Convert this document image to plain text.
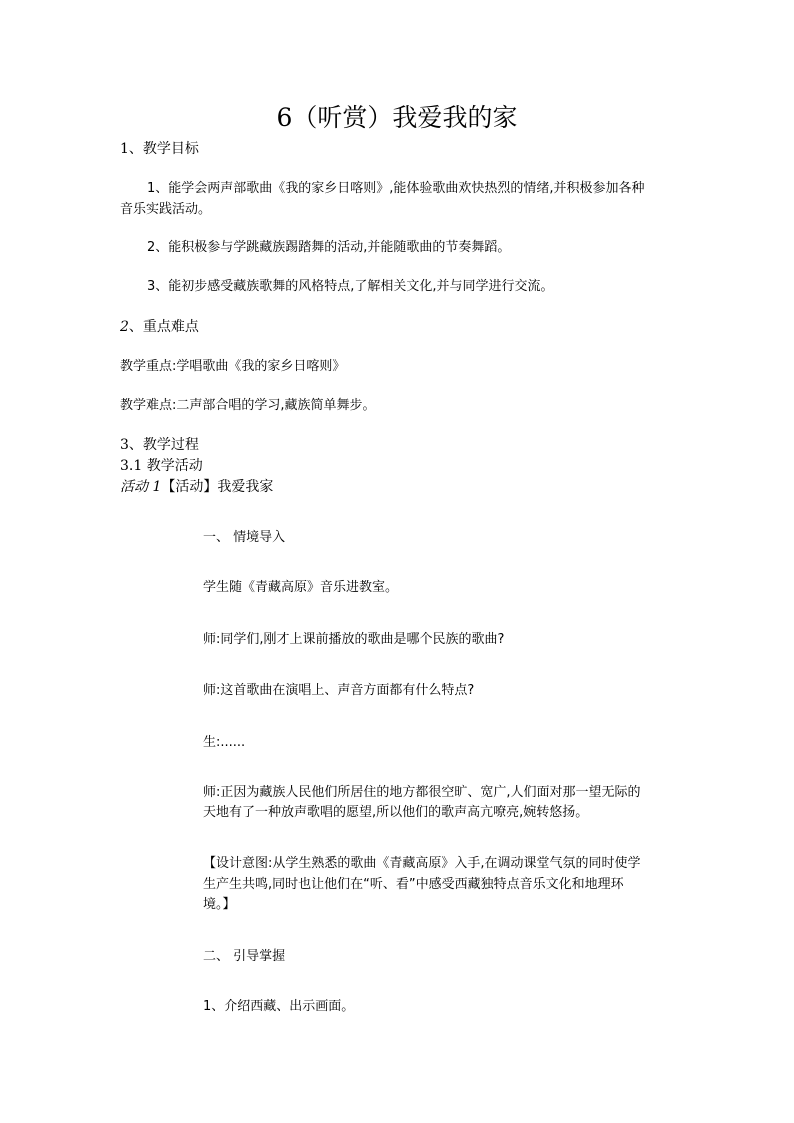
6（听赏）我爱我的家
1、教学目标
1、能学会两声部歌曲《我的家乡日喀则》,能体验歌曲欢快热烈的情绪,并积极参加各种
音乐实践活动。
2、能积极参与学跳藏族踢踏舞的活动,并能随歌曲的节奏舞蹈。
3、能初步感受藏族歌舞的风格特点,了解相关文化,并与同学进行交流。
2、重点难点
教学重点:学唱歌曲《我的家乡日喀则》
教学难点:二声部合唱的学习,藏族简单舞步。
3、教学过程
3.1 教学活动
活动 1【活动】我爱我家
一、 情境导入
学生随《青藏高原》音乐进教室。
师:同学们,刚才上课前播放的歌曲是哪个民族的歌曲?
师:这首歌曲在演唱上、声音方面都有什么特点?
生:......
师:正因为藏族人民他们所居住的地方都很空旷、宽广,人们面对那一望无际的
天地有了一种放声歌唱的愿望,所以他们的歌声高亢嘹亮,婉转悠扬。
【设计意图:从学生熟悉的歌曲《青藏高原》入手,在调动课堂气氛的同时使学
生产生共鸣,同时也让他们在“听、看”中感受西藏独特点音乐文化和地理环
境。】
二、 引导掌握
1、介绍西藏、出示画面。
